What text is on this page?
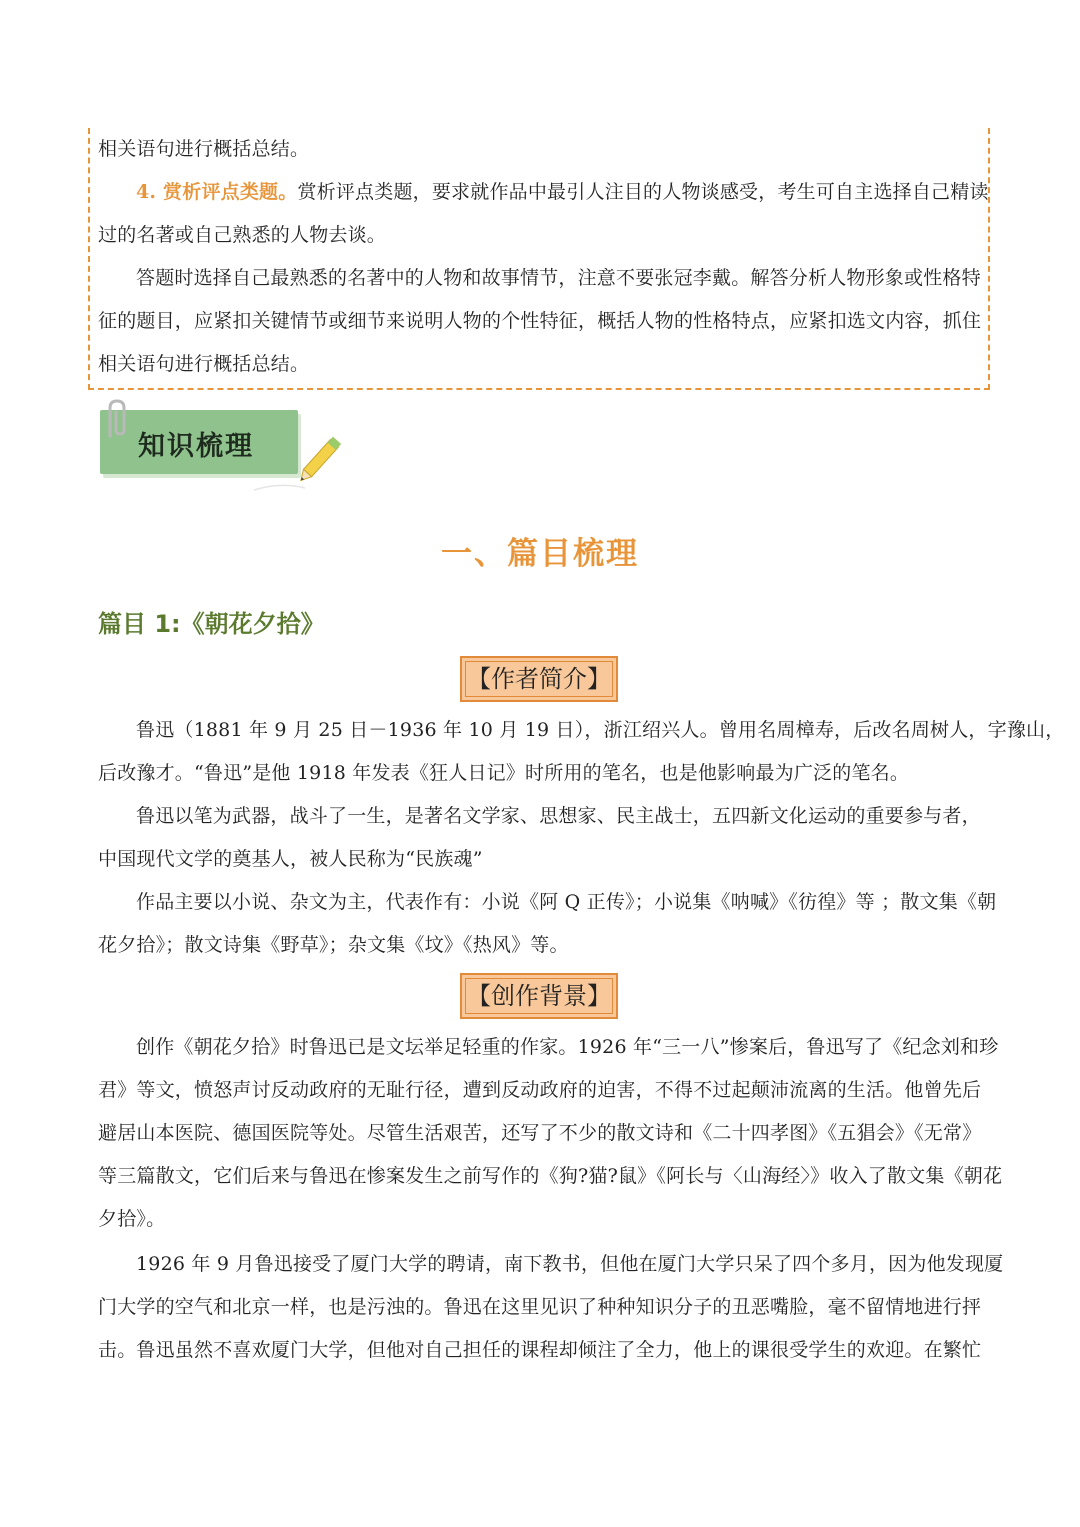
相关语句进行概括总结。
4. 赏析评点类题。赏析评点类题，要求就作品中最引人注目的人物谈感受，考生可自主选择自己精读
过的名著或自己熟悉的人物去谈。
答题时选择自己最熟悉的名著中的人物和故事情节，注意不要张冠李戴。解答分析人物形象或性格特
征的题目，应紧扣关键情节或细节来说明人物的个性特征，概括人物的性格特点，应紧扣选文内容，抓住
相关语句进行概括总结。
知识梳理
一、篇目梳理
篇目 1:《朝花夕拾》
【作者简介】
鲁迅（1881 年 9 月 25 日－1936 年 10 月 19 日），浙江绍兴人。曾用名周樟寿，后改名周树人，字豫山，
后改豫才。“鲁迅”是他 1918 年发表《狂人日记》时所用的笔名，也是他影响最为广泛的笔名。
鲁迅以笔为武器，战斗了一生，是著名文学家、思想家、民主战士，五四新文化运动的重要参与者，
中国现代文学的奠基人，被人民称为“民族魂”
作品主要以小说、杂文为主，代表作有：小说《阿 Q 正传》；小说集《呐喊》《彷徨》等 ；散文集《朝
花夕拾》；散文诗集《野草》；杂文集《坟》《热风》等。
【创作背景】
创作《朝花夕拾》时鲁迅已是文坛举足轻重的作家。1926 年“三一八”惨案后，鲁迅写了《纪念刘和珍
君》等文，愤怒声讨反动政府的无耻行径，遭到反动政府的迫害，不得不过起颠沛流离的生活。他曾先后
避居山本医院、德国医院等处。尽管生活艰苦，还写了不少的散文诗和《二十四孝图》《五猖会》《无常》
等三篇散文，它们后来与鲁迅在惨案发生之前写作的《狗?猫?鼠》《阿长与〈山海经〉》收入了散文集《朝花
夕拾》。
1926 年 9 月鲁迅接受了厦门大学的聘请，南下教书，但他在厦门大学只呆了四个多月，因为他发现厦
门大学的空气和北京一样，也是污浊的。鲁迅在这里见识了种种知识分子的丑恶嘴脸，毫不留情地进行抨
击。鲁迅虽然不喜欢厦门大学，但他对自己担任的课程却倾注了全力，他上的课很受学生的欢迎。在繁忙
